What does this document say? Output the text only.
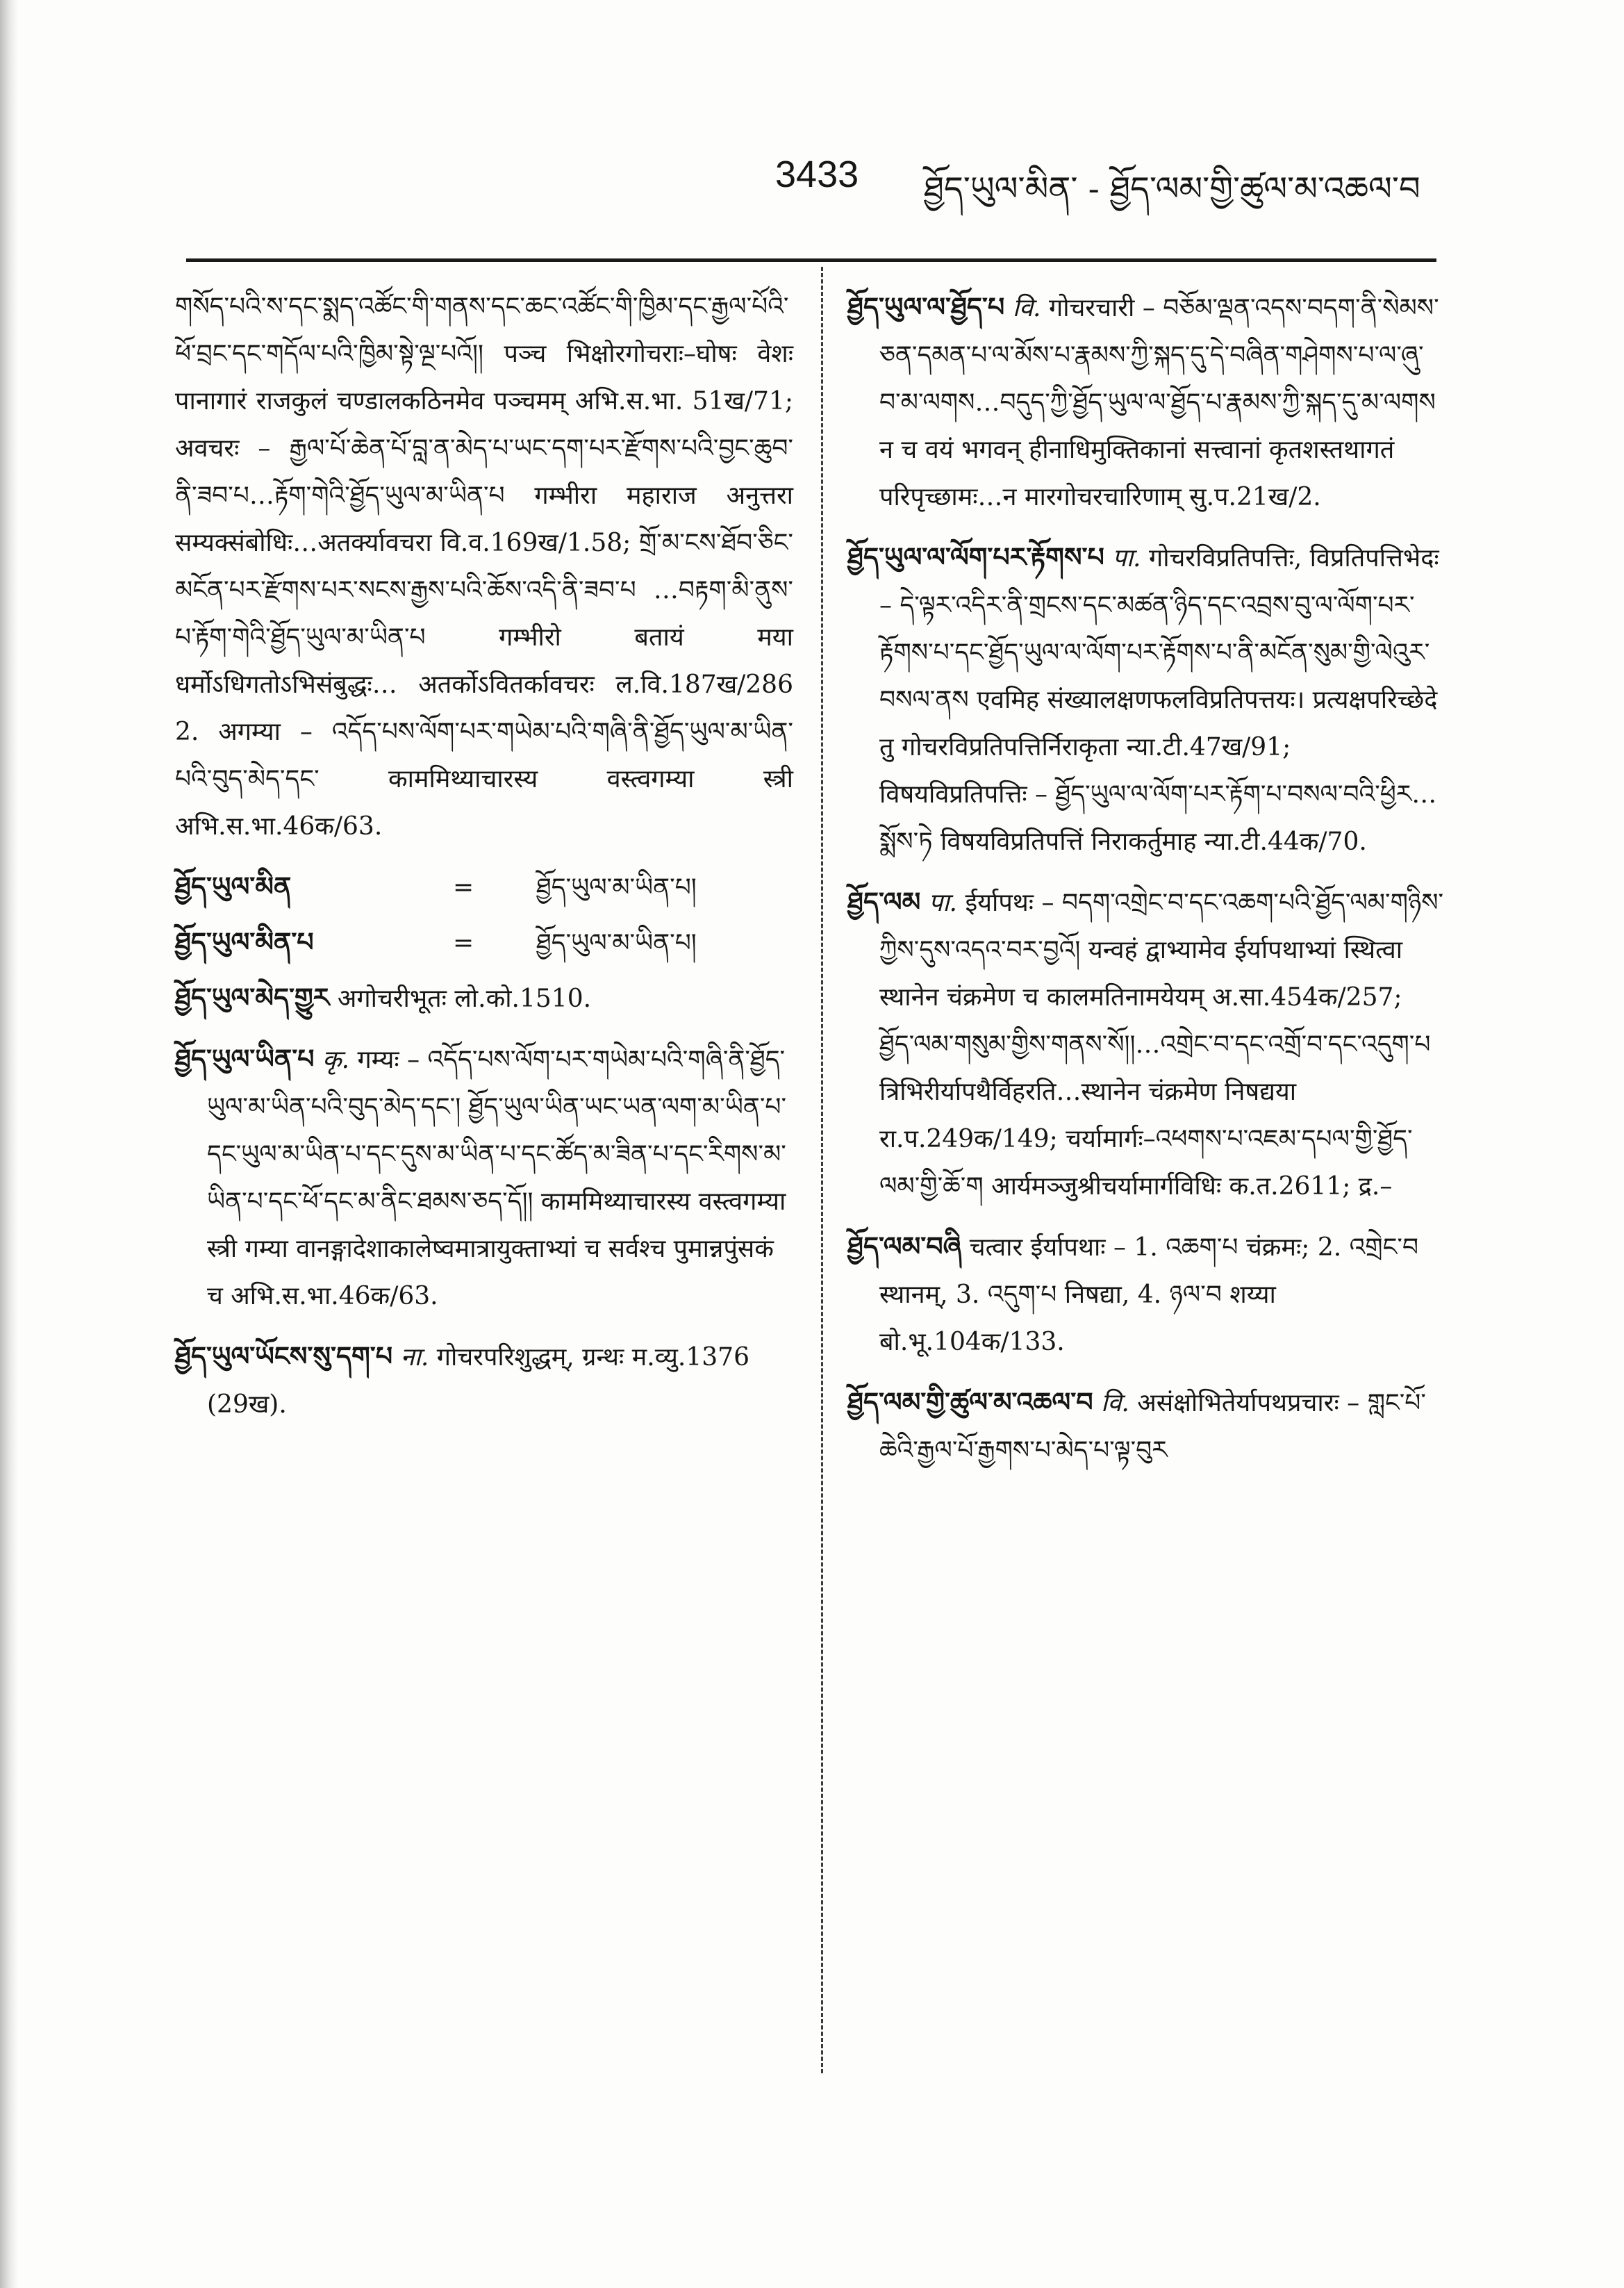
3433 ཐྱོད་ཡུལ་མིན་ - ཐྱོད་ལམ་གྱི་ཚུལ་མ་འཆལ་བ
གསོད་པའི་ས་དང་སྨད་འཚོང་གི་གནས་དང་ཆང་འཚོང་གི་ཁྱིམ་དང་རྒྱལ་པོའི་ཕོ་བྲང་དང་གདོལ་པའི་ཁྱིམ་སྟེ་ལྔ་པའོ།། पञ्च भिक्षोरगोचराः–घोषः वेशः पानागारं राजकुलं चण्डालकठिनमेव पञ्चमम् अभि.स.भा. 51ख/71; अवचरः – རྒྱལ་པོ་ཆེན་པོ་བླ་ན་མེད་པ་ཡང་དག་པར་རྫོགས་པའི་བྱང་ཆུབ་ནི་ཟབ་པ…རྟོག་གེའི་ཐྱོད་ཡུལ་མ་ཡིན་པ गम्भीरा महाराज अनुत्तरा सम्यक्संबोधिः…अतर्क्यावचरा वि.व.169ख/1.58; གྲོ་མ་ངས་ཐོབ་ཅིང་མངོན་པར་རྫོགས་པར་སངས་རྒྱས་པའི་ཆོས་འདི་ནི་ཟབ་པ …བརྟག་མི་ནུས་པ་རྟོག་གེའི་ཐྱོད་ཡུལ་མ་ཡིན་པ गम्भीरो बतायं मया धर्मोऽधिगतोऽभिसंबुद्धः… अतर्कोऽवितर्कावचरः ल.वि.187ख/286 2. अगम्या – འདོད་པས་ལོག་པར་གཡེམ་པའི་གཞི་ནི་ཐྱོད་ཡུལ་མ་ཡིན་པའི་བུད་མེད་དང་ काममिथ्याचारस्य वस्त्वगम्या स्त्री अभि.स.भा.46क/63.
ཐྱོད་ཡུལ་མིན	=	ཐྱོད་ཡུལ་མ་ཡིན་པ།
ཐྱོད་ཡུལ་མིན་པ	=	ཐྱོད་ཡུལ་མ་ཡིན་པ།
ཐྱོད་ཡུལ་མེད་གྱུར अगोचरीभूतः लो.को.1510.
ཐྱོད་ཡུལ་ཡིན་པ कृ. गम्यः – འདོད་པས་ལོག་པར་གཡེམ་པའི་གཞི་ནི་ཐྱོད་ཡུལ་མ་ཡིན་པའི་བུད་མེད་དང་། ཐྱོད་ཡུལ་ཡིན་ཡང་ཡན་ལག་མ་ཡིན་པ་དང་ཡུལ་མ་ཡིན་པ་དང་དུས་མ་ཡིན་པ་དང་ཚོད་མ་ཟིན་པ་དང་རིགས་མ་ཡིན་པ་དང་ཕོ་དང་མ་ནིང་ཐམས་ཅད་དོ།། काममिथ्याचारस्य वस्त्वगम्या स्त्री गम्या वानङ्गादेशाकालेष्वमात्रायुक्ताभ्यां च सर्वश्च पुमान्नपुंसकं च अभि.स.भा.46क/63.
ཐྱོད་ཡུལ་ཡོངས་སུ་དག་པ ना. गोचरपरिशुद्धम्, ग्रन्थः म.व्यु.1376 (29ख).
ཐྱོད་ཡུལ་ལ་ཐྱོད་པ वि. गोचरचारी – བཅོམ་ལྡན་འདས་བདག་ནི་སེམས་ཅན་དམན་པ་ལ་མོས་པ་རྣམས་ཀྱི་སྐད་དུ་དེ་བཞིན་གཤེགས་པ་ལ་ཞུ་བ་མ་ལགས…བདུད་ཀྱི་ཐྱོད་ཡུལ་ལ་ཐྱོད་པ་རྣམས་ཀྱི་སྐད་དུ་མ་ལགས न च वयं भगवन् हीनाधिमुक्तिकानां सत्त्वानां कृतशस्तथागतं परिपृच्छामः…न मारगोचरचारिणाम् सु.प.21ख/2.
ཐྱོད་ཡུལ་ལ་ལོག་པར་རྟོགས་པ पा. गोचरविप्रतिपत्तिः, विप्रतिपत्तिभेदः – དེ་ལྟར་འདིར་ནི་གྲངས་དང་མཚན་ཉིད་དང་འབྲས་བུ་ལ་ལོག་པར་རྟོགས་པ་དང་ཐྱོད་ཡུལ་ལ་ལོག་པར་རྟོགས་པ་ནི་མངོན་སུམ་གྱི་ལེའུར་བསལ་ནས एवमिह संख्यालक्षणफलविप्रतिपत्तयः। प्रत्यक्षपरिच्छेदे तु गोचरविप्रतिपत्तिर्निराकृता न्या.टी.47ख/91; विषयविप्रतिपत्तिः – ཐྱོད་ཡུལ་ལ་ལོག་པར་རྟོག་པ་བསལ་བའི་ཕྱིར…སྨོས་ཏེ विषयविप्रतिपत्तिं निराकर्तुमाह न्या.टी.44क/70.
ཐྱོད་ལམ पा. ईर्यापथः – བདག་འགྲེང་བ་དང་འཆག་པའི་ཐྱོད་ལམ་གཉིས་ཀྱིས་དུས་འདའ་བར་བྱའོ། यन्वहं द्वाभ्यामेव ईर्यापथाभ्यां स्थित्वा स्थानेन चंक्रमेण च कालमतिनामयेयम् अ.सा.454क/257; ཐྱོད་ལམ་གསུམ་གྱིས་གནས་སོ།།…འགྲེང་བ་དང་འགྲོ་བ་དང་འདུག་པ त्रिभिरीर्यापथैर्विहरति…स्थानेन चंक्रमेण निषद्यया रा.प.249क/149; चर्यामार्गः–འཕགས་པ་འཇམ་དཔལ་གྱི་ཐྱོད་ལམ་གྱི་ཆོ་ག आर्यमञ्जुश्रीचर्यामार्गविधिः क.त.2611; द्र.–
ཐྱོད་ལམ་བཞི चत्वार ईर्यापथाः – 1. འཆག་པ चंक्रमः; 2. འགྲེང་བ स्थानम्, 3. འདུག་པ निषद्या, 4. ཉལ་བ शय्या बो.भू.104क/133.
ཐྱོད་ལམ་གྱི་ཚུལ་མ་འཆལ་བ वि. असंक्षोभितेर्यापथप्रचारः – གླང་པོ་ཆེའི་རྒྱལ་པོ་རྒྱགས་པ་མེད་པ་ལྟ་བུར
